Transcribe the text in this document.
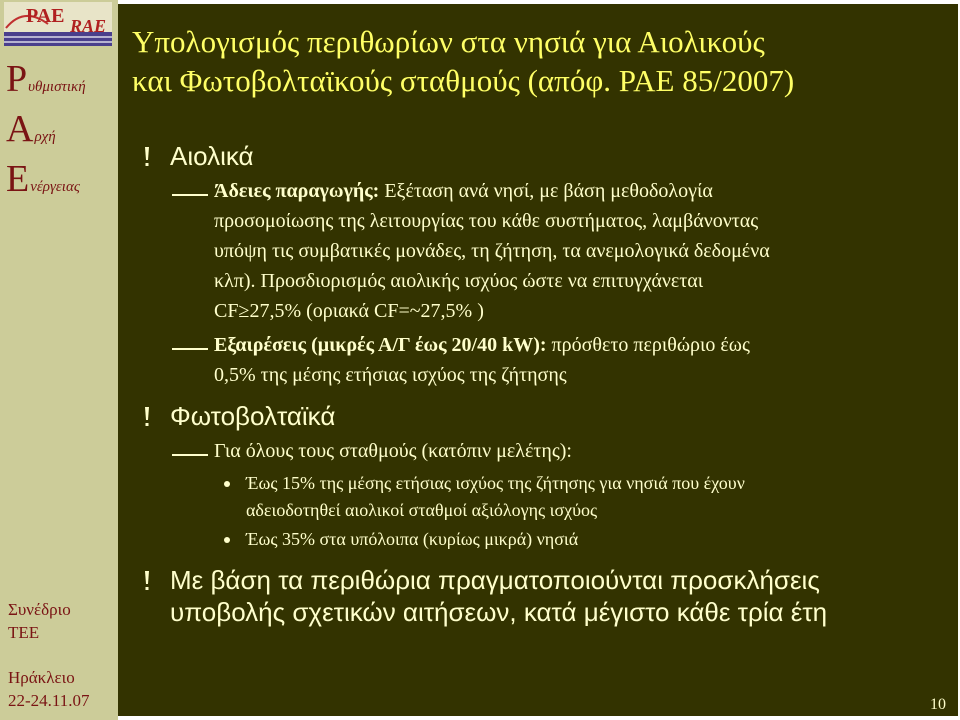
PAE RAE
Ρυθμιστική
Αρχή
Ενέργειας
Συνέδριο
ΤΕΕ
Ηράκλειο
22-24.11.07
Υπολογισμός περιθωρίων στα νησιά για Αιολικούς
και Φωτοβολταϊκούς σταθμούς (απόφ. ΡΑΕ 85/2007)
Αιολικά
Άδειες παραγωγής: Εξέταση ανά νησί, με βάση μεθοδολογία
προσομοίωσης της λειτουργίας του κάθε συστήματος, λαμβάνοντας
υπόψη τις συμβατικές μονάδες, τη ζήτηση, τα ανεμολογικά δεδομένα
κλπ). Προσδιορισμός αιολικής ισχύος ώστε να επιτυγχάνεται
CF≥27,5% (οριακά CF=~27,5% )
Εξαιρέσεις (μικρές Α/Γ έως 20/40 kW): πρόσθετο περιθώριο έως
0,5% της μέσης ετήσιας ισχύος της ζήτησης
Φωτοβολταϊκά
Για όλους τους σταθμούς (κατόπιν μελέτης):
Έως 15% της μέσης ετήσιας ισχύος της ζήτησης για νησιά που έχουν
αδειοδοτηθεί αιολικοί σταθμοί αξιόλογης ισχύος
Έως 35% στα υπόλοιπα (κυρίως μικρά) νησιά
Με βάση τα περιθώρια πραγματοποιούνται προσκλήσεις
υποβολής σχετικών αιτήσεων, κατά μέγιστο κάθε τρία έτη
10
